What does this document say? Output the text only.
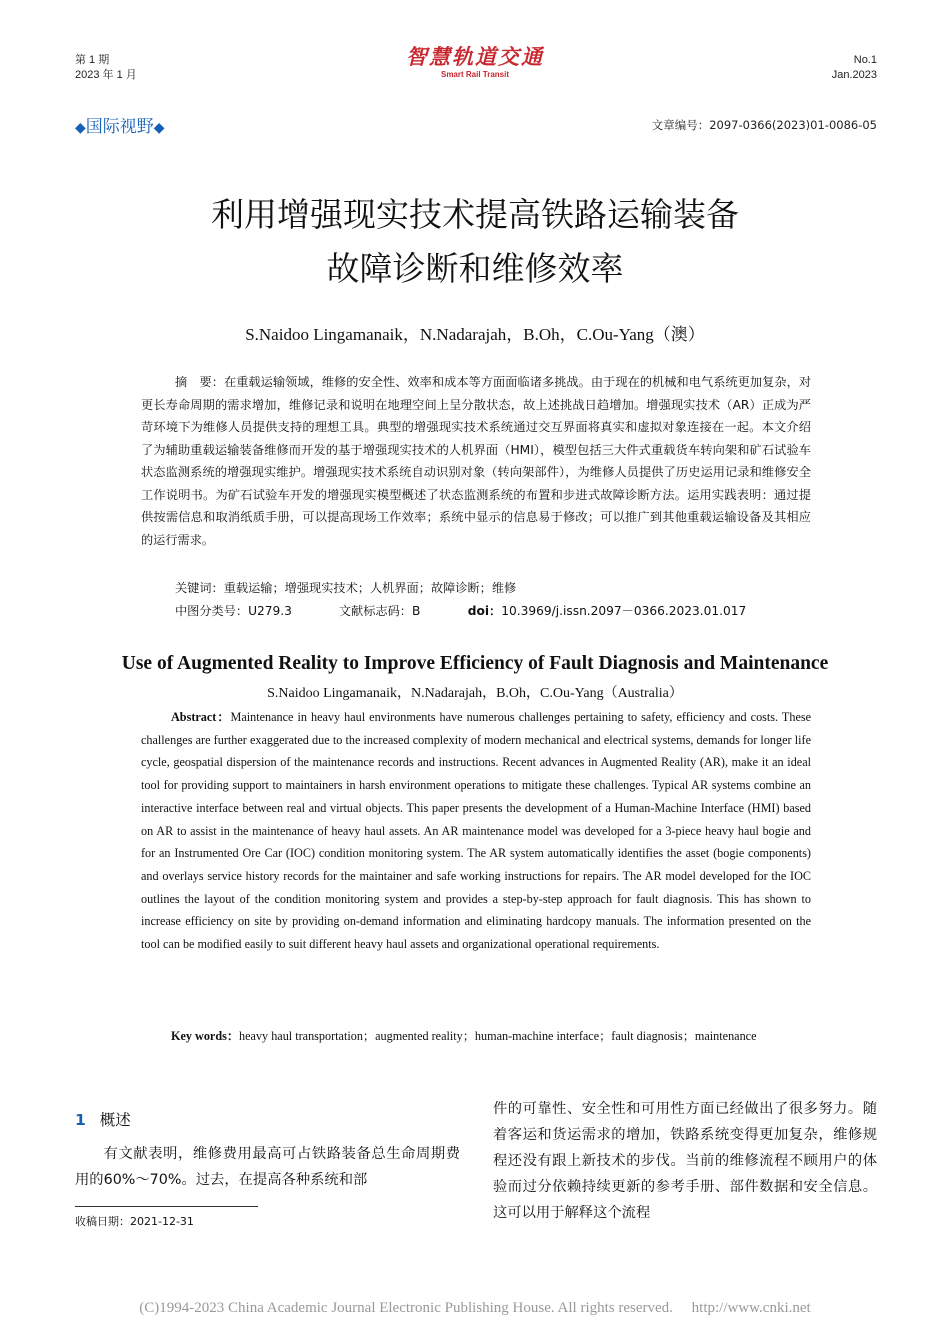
第 1 期
2023 年 1 月
智慧轨道交通
Smart Rail Transit
No.1
Jan.2023
◆国际视野◆	文章编号：2097-0366(2023)01-0086-05
利用增强现实技术提高铁路运输装备
故障诊断和维修效率
S.Naidoo Lingamanaik，N.Nadarajah，B.Oh，C.Ou-Yang（澳）
摘　要：在重载运输领域，维修的安全性、效率和成本等方面面临诸多挑战。由于现在的机械和电气系统更加复杂，对更长寿命周期的需求增加，维修记录和说明在地理空间上呈分散状态，故上述挑战日趋增加。增强现实技术（AR）正成为严苛环境下为维修人员提供支持的理想工具。典型的增强现实技术系统通过交互界面将真实和虚拟对象连接在一起。本文介绍了为辅助重载运输装备维修而开发的基于增强现实技术的人机界面（HMI），模型包括三大件式重载货车转向架和矿石试验车状态监测系统的增强现实维护。增强现实技术系统自动识别对象（转向架部件），为维修人员提供了历史运用记录和维修安全工作说明书。为矿石试验车开发的增强现实模型概述了状态监测系统的布置和步进式故障诊断方法。运用实践表明：通过提供按需信息和取消纸质手册，可以提高现场工作效率；系统中显示的信息易于修改；可以推广到其他重载运输设备及其相应的运行需求。
关键词：重载运输；增强现实技术；人机界面；故障诊断；维修
中图分类号：U279.3	文献标志码：B	doi：10.3969/j.issn.2097－0366.2023.01.017
Use of Augmented Reality to Improve Efficiency of Fault Diagnosis and Maintenance
S.Naidoo Lingamanaik，N.Nadarajah，B.Oh，C.Ou-Yang（Australia）
Abstract：Maintenance in heavy haul environments have numerous challenges pertaining to safety, efficiency and costs. These challenges are further exaggerated due to the increased complexity of modern mechanical and electrical systems, demands for longer life cycle, geospatial dispersion of the maintenance records and instructions. Recent advances in Augmented Reality (AR), make it an ideal tool for providing support to maintainers in harsh environment operations to mitigate these challenges. Typical AR systems combine an interactive interface between real and virtual objects. This paper presents the development of a Human-Machine Interface (HMI) based on AR to assist in the maintenance of heavy haul assets. An AR maintenance model was developed for a 3-piece heavy haul bogie and for an Instrumented Ore Car (IOC) condition monitoring system. The AR system automatically identifies the asset (bogie components) and overlays service history records for the maintainer and safe working instructions for repairs. The AR model developed for the IOC outlines the layout of the condition monitoring system and provides a step-by-step approach for fault diagnosis. This has shown to increase efficiency on site by providing on-demand information and eliminating hardcopy manuals. The information presented on the tool can be modified easily to suit different heavy haul assets and organizational operational requirements.
Key words：heavy haul transportation；augmented reality；human-machine interface；fault diagnosis；maintenance
1 概述
有文献表明，维修费用最高可占铁路装备总生命周期费用的60%～70%。过去，在提高各种系统和部
件的可靠性、安全性和可用性方面已经做出了很多努力。随着客运和货运需求的增加，铁路系统变得更加复杂，维修规程还没有跟上新技术的步伐。当前的维修流程不顾用户的体验而过分依赖持续更新的参考手册、部件数据和安全信息。这可以用于解释这个流程
收稿日期：2021-12-31
(C)1994-2023 China Academic Journal Electronic Publishing House. All rights reserved.　 http://www.cnki.net
